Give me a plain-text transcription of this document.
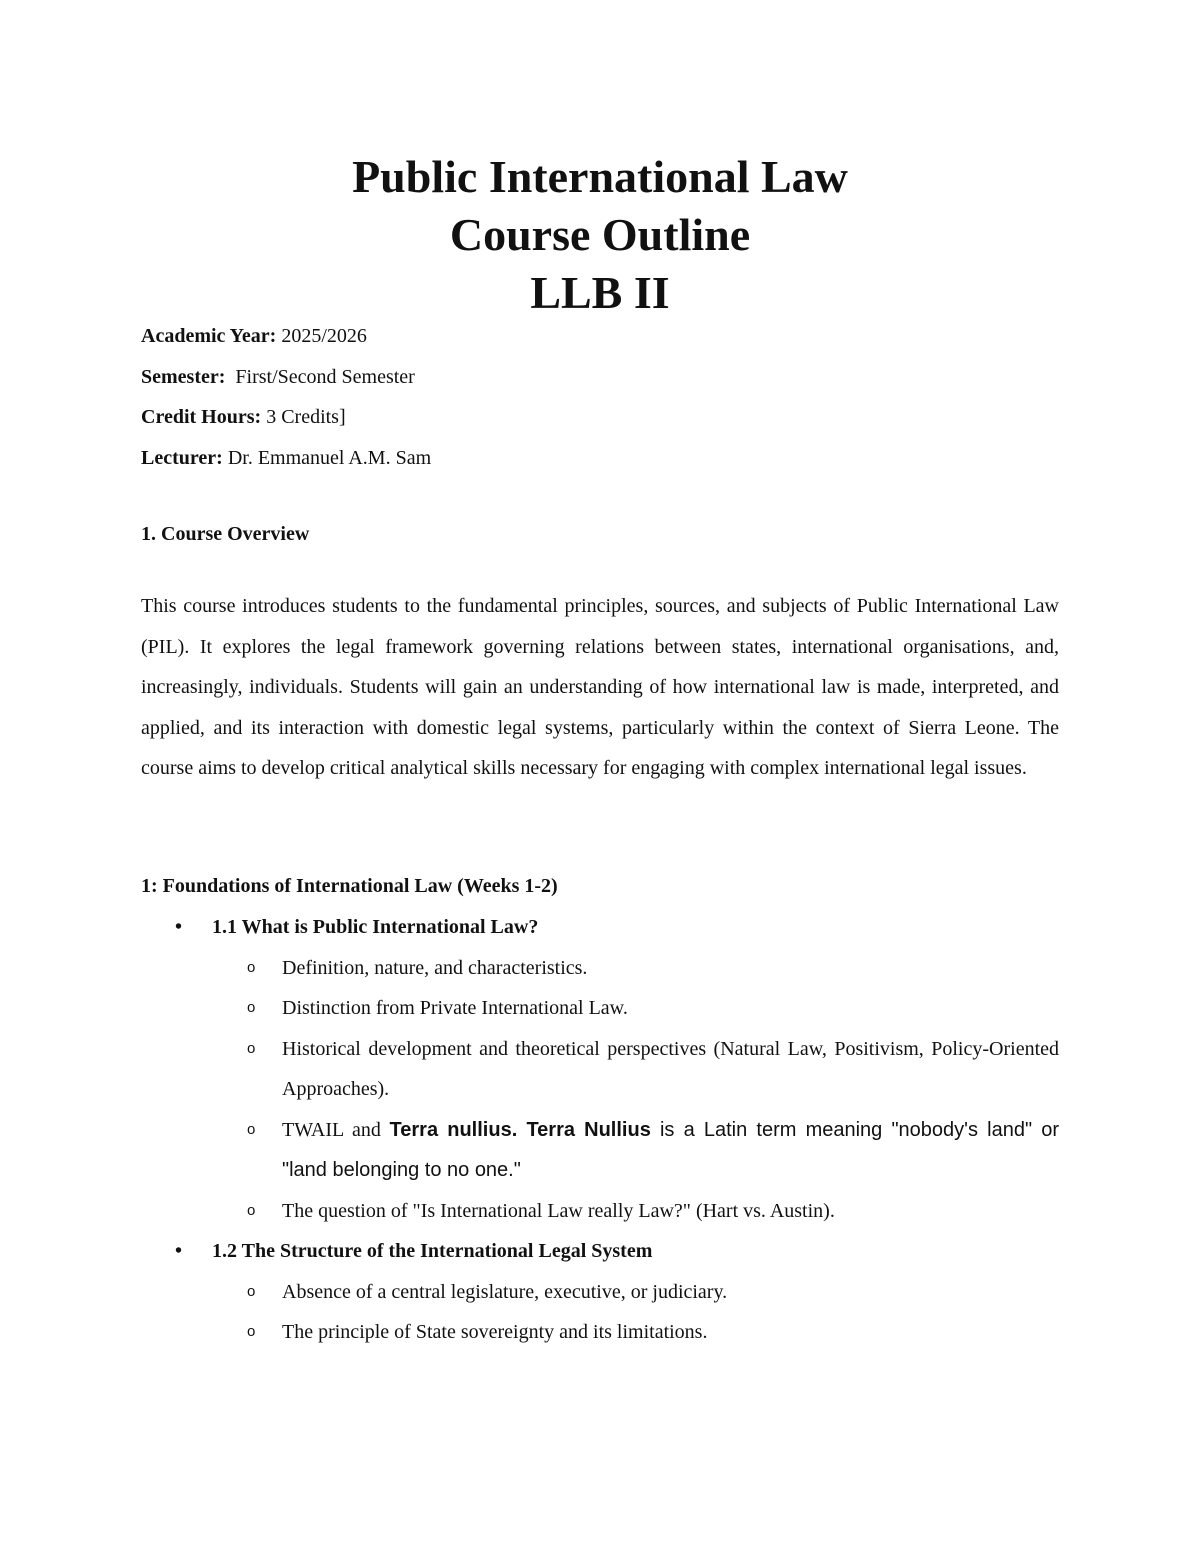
Public International Law

Course Outline

LLB II

Academic Year: 2025/2026
Semester: First/Second Semester
Credit Hours: 3 Credits]
Lecturer: Dr. Emmanuel A.M. Sam

1. Course Overview

This course introduces students to the fundamental principles, sources, and subjects of Public International Law (PIL). It explores the legal framework governing relations between states, international organisations, and, increasingly, individuals. Students will gain an understanding of how international law is made, interpreted, and applied, and its interaction with domestic legal systems, particularly within the context of Sierra Leone. The course aims to develop critical analytical skills necessary for engaging with complex international legal issues.

1: Foundations of International Law (Weeks 1-2)

• 1.1 What is Public International Law?
o Definition, nature, and characteristics.
o Distinction from Private International Law.
o Historical development and theoretical perspectives (Natural Law, Positivism, Policy-Oriented Approaches).
o TWAIL and Terra nullius. Terra Nullius is a Latin term meaning "nobody's land" or "land belonging to no one."
o The question of "Is International Law really Law?" (Hart vs. Austin).
• 1.2 The Structure of the International Legal System
o Absence of a central legislature, executive, or judiciary.
o The principle of State sovereignty and its limitations.
